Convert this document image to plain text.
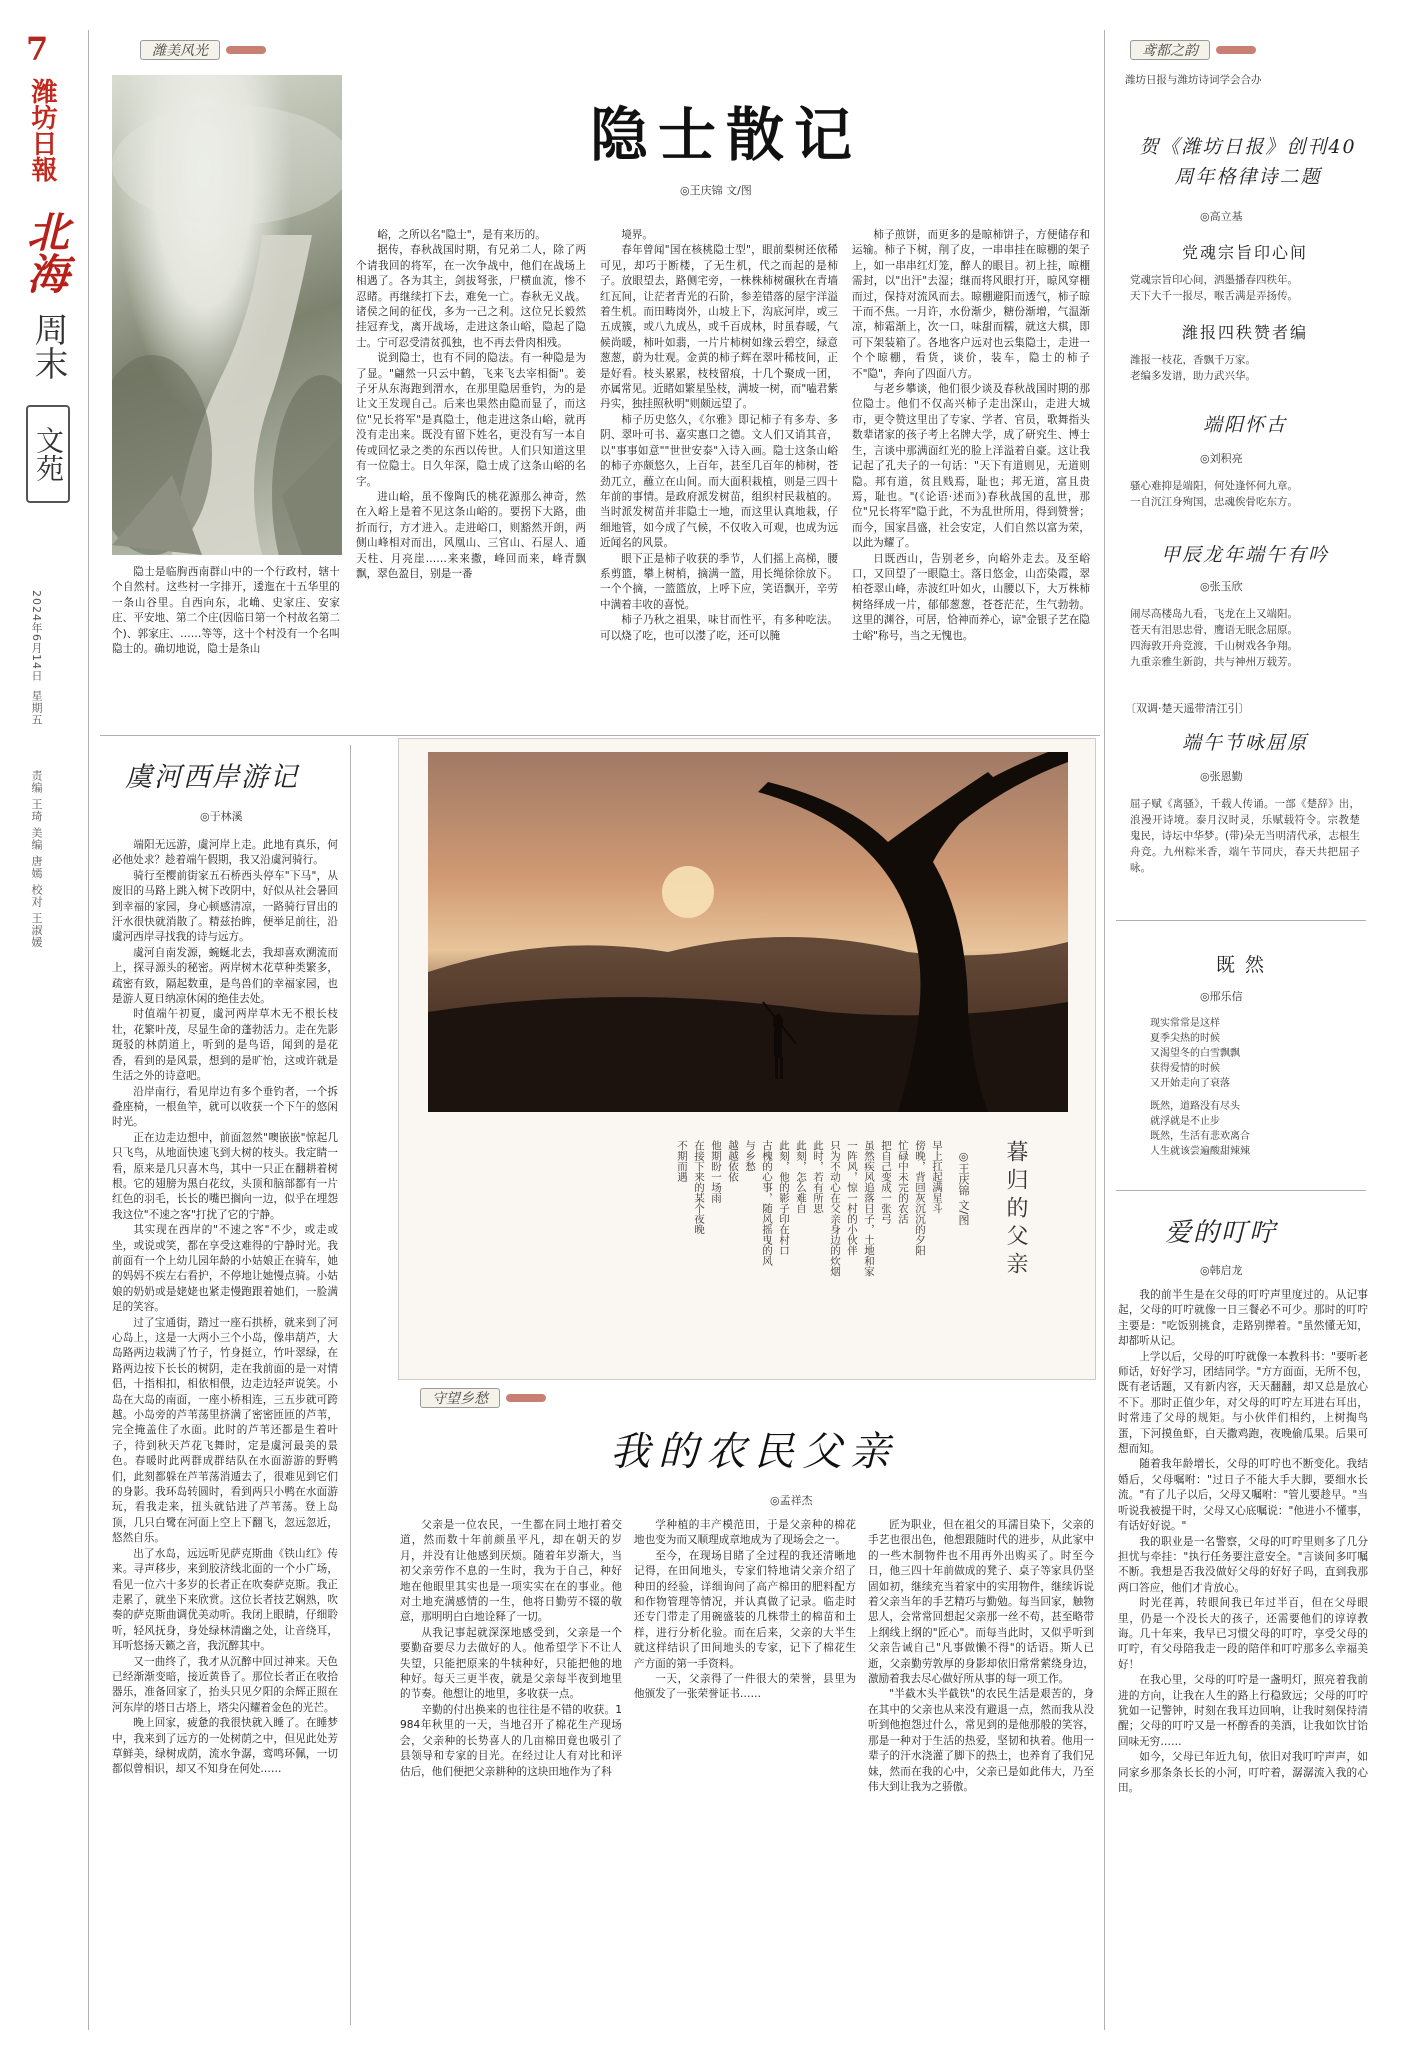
7
潍坊日報
北海
周末
文苑
2024年6月14日
星期五
责编 王琦 美编 唐嫣 校对 王淑媛
潍美风光
隐士散记
◎王庆锦 文/图

隐士是临朐西南群山中的一个行政村，辖十个自然村。这些村一字排开，逶迤在十五华里的一条山谷里。自西向东，北崅、史家庄、安家庄、平安地、第二个庄(因临日第一个村故名第二个)、郭家庄、……等等，这十个村没有一个名叫隐士的。确切地说，隐士是条山

峪，之所以名"隐士"，是有来历的。

据传，春秋战国时期，有兄弟二人，除了两个请我回的将军，在一次争战中，他们在战场上相遇了。各为其主，剑拔弩张，尸横血流，惨不忍睹。再继续打下去，难免一亡。春秋无义战。诸侯之间的征伐，多为一己之利。这位兄长毅然挂冠弃戈，离开战场，走进这条山峪，隐起了隐士。宁可忍受清贫孤独，也不再去骨肉相残。

说到隐士，也有不同的隐法。有一种隐是为了显。"翩然一只云中鹤，飞来飞去宰相衙"。姜子牙从东海跑到渭水，在那里隐居垂钓，为的是让文王发现自己。后来也果然由隐而显了，而这位"兄长将军"是真隐士，他走进这条山峪，就再没有走出来。既没有留下姓名，更没有写一本自传或回忆录之类的东西以传世。人们只知道这里有一位隐士。日久年深，隐士成了这条山峪的名字。

进山峪，虽不像陶氏的桃花源那么神奇，然在入峪上是着不见这条山峪的。要拐下大路，曲折而行，方才进入。走进峪口，则豁然开朗，两侧山峰相对而出，风凰山、三官山、石屋人、通天柱、月亮崖……来来撒，峰回而来，峰青飘飘，翠色盈目，别是一番

境界。

春年曾闻"国在核桃隐士型"，眼前梨树还依稀可见，却巧于断楼，了无生机，代之而起的是柿子。放眼望去，路侧宅旁，一株株柿树碾秋在青墙红瓦间，让茫者青光的石阶，参差错落的屋宇洋溢着生机。而田畴岗外，山坡上下，沟底河岸，或三五成簇，或八九成丛，或千百成林，时虽春暖，气候尚暖，柿叶如翡，一片片柿树如缘云碧空，绿意葱葱，蔚为壮观。金黄的柿子辉在翠叶稀枝间，正是好看。枝头累累，枝枝留痕，十几个聚成一团，亦属常见。近睹如繁星坠枝，满坡一树，而"嗑君紫丹实，独挂照秋明"则颇远望了。

柿子历史悠久，《尔雅》即记柿子有多寿、多阴、翠叶可书、嘉实惠口之德。文人们又诮其音，以"事事如意""世世安泰"入诗入画。隐士这条山峪的柿子亦颇悠久，上百年，甚至几百年的柿树，苍劲兀立，蘸立在山间。而大面积栽植，则是三四十年前的事情。是政府派发树苗，组织村民栽植的。当时派发树苗并非隐士一地，而这里认真地栽，仔细地管，如今成了气候，不仅收入可观，也成为远近闻名的风景。

眼下正是柿子收获的季节，人们摇上高梯，腰系剪篮，攀上树梢，摘满一篮，用长绳徐徐放下。一个个摘，一篮篮放，上呼下应，笑语飘开，辛劳中满着丰收的喜悦。

柿子乃秋之祖果，味甘而性平，有多种吃法。可以烧了吃，也可以漤了吃，还可以腌

柿子煎饼，而更多的是晾柿饼子，方便储存和运输。柿子下树，削了皮，一串串挂在晾棚的架子上，如一串串红灯笼，醉人的眼目。初上挂，晾棚需封，以"出汗"去湿；继而将风眼打开，晾风穿棚而过，保持对流风而去。晾棚避阳而透气，柿子晾干而不焦。一月许，水份渐少，糖份渐增，气温渐凉，柿霜渐上，次一口，味甜而糯，就这大棋，即可下架装箱了。各地客户远对也云集隐士，走进一个个晾棚，看货，谈价，装车，隐士的柿子不"隐"，奔向了四面八方。

与老乡攀谈，他们很少谈及春秋战国时期的那位隐士。他们不仅高兴柿子走出深山，走进大城市，更令赞这里出了专家、学者、官员，歌舞指头数辈诸家的孩子考上名牌大学，成了研究生、博士生，言谈中那满面红光的脸上洋溢着自豪。这让我记起了孔夫子的一句话："天下有道则见，无道则隐。邦有道，贫且贱焉，耻也；邦无道，富且贵焉，耻也。"(《论语·述而》)春秋战国的乱世，那位"兄长将军"隐于此，不为乱世所用，得到赞誉；而今，国家昌盛，社会安定，人们自然以富为荣，以此为耀了。

日既西山，告别老乡，向峪外走去。及至峪口，又回望了一眼隐士。落日悠金，山峦染霞，翠柏苍翠山峰，赤波红叶如火，山腰以下，大万株柿树络绎成一片，郁郁葱葱，苍苍茫茫，生气勃勃。这里的渊谷，可居，恰神而养心，谅"金银子艺在隐士峪"称号，当之无愧也。

虞河西岸游记
◎于林溪

端阳无远游，虞河岸上走。此地有真乐，何必他处求？趁着端午假期，我又沿虞河骑行。

骑行至樱前街家五石桥西头停车"下马"，从废旧的马路上跳入树下改阴中，好似从社会暑回到幸福的家园，身心顿感清凉，一路骑行冒出的汗水很快就消散了。精兹抬眸，便举足前往，沿虞河西岸寻找我的诗与远方。

虞河自南发源，蜿蜒北去，我却喜欢溯流而上，探寻源头的秘密。两岸树木花草种类繁多，疏密有致，隔起数重，是鸟兽们的幸福家园，也是游人夏日纳凉休闲的绝佳去处。

时值端午初夏，虞河两岸草木无不根长枝壮，花繁叶茂，尽显生命的蓬勃活力。走在先影斑驳的林荫道上，听到的是鸟语，闻到的是花香，看到的是风景，想到的是旷怡，这或许就是生活之外的诗意吧。

沿岸南行，看见岸边有多个垂钓者，一个拆叠座椅，一根鱼竿，就可以收获一个下午的悠闲时光。

正在边走边想中，前面忽然"噢嵌嵌"惊起几只飞鸟，从地面快速飞到大树的枝头。我定睛一看，原来是几只喜木鸟，其中一只正在翻耕着树根。它的翅膀为黑白花纹，头顶和脑部都有一片红色的羽毛，长长的嘴巴搁向一边，似乎在埋怨我这位"不速之客"打扰了它的宁静。

其实现在西岸的"不速之客"不少，或走或坐，或说或笑，都在享受这难得的宁静时光。我前面有一个上幼儿园年龄的小姑娘正在骑车，她的妈妈不疾左右看护，不停地让她慢点骑。小姑娘的奶奶或是姥姥也紧走慢跑跟着她们，一脸满足的笑容。

过了宝通街，踏过一座石拱桥，就来到了河心岛上，这是一大两小三个小岛，像串葫芦，大岛路两边栽满了竹子，竹身挺立，竹叶翠绿，在路两边按下长长的树阴，走在我前面的是一对情侣，十指相扣，相依相偎，边走边轻声说笑。小岛在大岛的南面，一座小桥相连，三五步就可跨越。小岛旁的芦苇荡里挤满了密密匝匝的芦苇，完全掩盖住了水面。此时的芦苇还都是生着叶子，待到秋天芦花飞舞时，定是虞河最美的景色。春暖时此两群成群结队在水面游游的野鸭们，此刻都躲在芦苇荡消遁去了，很难见到它们的身影。我环岛转圆时，看到两只小鸭在水面游玩，看我走来，扭头就钻进了芦苇荡。登上岛顶，几只白鹭在河面上空上下翻飞，忽远忽近，悠然自乐。

出了水岛，远远听见萨克斯曲《铁山红》传来。寻声移步，来到胶济线北面的一个小广场，看见一位六十多岁的长者正在吹奏萨克斯。我正走累了，就坐下来欣赏。这位长者技艺娴熟，吹奏的萨克斯曲调优美动听。我闭上眼睛，仔细聆听，轻风抚身，身处绿林清幽之处，让音绕耳，耳听悠扬天籁之音，我沉醉其中。

又一曲终了，我才从沉醉中回过神来。天色已经渐渐变暗，接近黄昏了。那位长者正在收拾器乐，准备回家了，抬头只见夕阳的余辉正照在河东岸的塔日古塔上，塔尖闪耀着金色的光芒。

晚上回家，疲惫的我很快就入睡了。在睡梦中，我来到了远方的一处树荫之中，但见此处芳草鲜美，绿树成荫，流水争潺，鸾鸣环佩，一切都似曾相识，却又不知身在何处……

暮归的父亲
◎王庆锦 文/图
早上扛起满星斗
傍晚，背回灰沉沉的夕阳
忙碌中未完的农活
把自己变成一张弓
虽然疾风追落日子，土地和家
一阵风，惊一村的小伙伴
只为不动心在父亲身边的炊烟
此时，若有所思
此刻，怎么难自
此刻，他的影子印在村口
古槐的心事，随风摇曳的风
与乡愁
越越依依
他期盼一场雨
在接下来的某个夜晚
不期而遇
守望乡愁
我的农民父亲
◎孟祥杰

父亲是一位农民，一生都在同土地打着交道，然而数十年前颜虽平凡，却在朝天的岁月，并没有让他感到厌烦。随着年岁渐大，当初父亲劳作不息的一生时，我为于自己，种好地在他眼里其实也是一项实实在在的事业。他对土地充满感情的一生，他将日勤劳不辍的敬意，那明明白白地诠释了一切。

从我记事起就深深地感受到，父亲是一个要勤奋要尽力去做好的人。他希望学下不让人失望，只能把原来的牛犊种好，只能把他的地种好。每天三更半夜，就是父亲每半夜到地里的节奏。他想让的地里，多收获一点。

辛勤的付出换来的也往往是不错的收获。1984年秋里的一天，当地召开了棉花生产现场会，父亲种的长势喜人的几亩棉田竟也吸引了县领导和专家的目光。在经过让人有对比和评估后，他们便把父亲耕种的这块田地作为了科

学种植的丰产模范田，于是父亲种的棉花地也变为而又顺理成章地成为了现场会之一。

至今，在现场目睹了全过程的我还清晰地记得，在田间地头，专家们特地请父亲介绍了种田的经验，详细询问了高产棉田的肥料配方和作物管理等情况，并认真做了记录。临走时还专门带走了用碗盛装的几株带土的棉苗和土样，进行分析化验。而在后来，父亲的大半生就这样结识了田间地头的专家，记下了棉花生产方面的第一手资料。

一天，父亲得了一件很大的荣誉，县里为他颁发了一张荣誉证书……

匠为职业，但在祖父的耳濡目染下，父亲的手艺也很出色，他想跟随时代的进步，从此家中的一些木制物件也不用再外出购买了。时至今日，他三四十年前做成的凳子、桌子等家具仍坚固如初，继续充当着家中的实用物件，继续诉说着父亲当年的手艺精巧与勤勉。每当回家，触物思人，会常常回想起父亲那一丝不苟，甚至略带上纲线上纲的"匠心"。而每当此时，又似乎听到父亲告诫自己"凡事做懒不得"的话语。斯人已逝，父亲勤劳敦厚的身影却依旧常常萦绕身边，激励着我去尽心做好所从事的每一项工作。

"半截木头半截铁"的农民生活是艰苦的，身在其中的父亲也从来没有避退一点，然而我从没听到他抱怨过什么，常见到的是他那般的笑容，那是一种对于生活的热爱，坚韧和执着。他用一辈子的汗水浇灌了脚下的热土，也养育了我们兄妹，然而在我的心中，父亲已是如此伟大，乃至伟大到让我为之骄傲。

鸢都之韵
潍坊日报与潍坊诗词学会合办
贺《潍坊日报》创刊40周年格律诗二题
◎高立基
党魂宗旨印心间
党魂宗旨印心间，洒墨播春四秩年。
天下大千一报尽，喉舌满是弄扬传。
潍报四秩赞者编
潍报一枝花，香飘千万家。
老编多发谱，助力武兴华。
端阳怀古
◎刘积亮
骚心难抑是端阳，何处逢怀何九章。
一自沉江身殉国，忠魂俟骨吃东方。
甲辰龙年端午有吟
◎张玉欣
闹尽高楼岛九看，飞龙在上又端阳。
苍天有泪思忠骨，鹰语无眠念屈原。
四海敦开舟竞渡，千山树戏各争翔。
九重亲雅生新韵，共与神州万载芳。
〔双调·楚天遥带清江引〕
端午节咏屈原
◎张恩勤
屈子赋《离骚》，千载人传诵。一部《楚辞》出，浪漫开诗境。泰月汉时灵，乐赋载符令。宗教楚鬼民，诗坛中华梦。(带)朵无当明清代承，志根生舟竞。九州粽米香，端午节同庆，春天共把屈子咏。
既然
◎邢乐信
现实常常是这样
夏季尖热的时候
又渴望冬的白雪飘飘
获得爱情的时候
又开始走向了衰落
既然，道路没有尽头
就浮就是不止步
既然，生活有悲欢离合
人生就该尝遍酸甜辣辣
爱的叮咛
◎韩启龙

我的前半生是在父母的叮咛声里度过的。从记事起，父母的叮咛就像一日三餐必不可少。那时的叮咛主要是："吃饭别挑食，走路别撵着。"虽然懂无知，却都听从记。

上学以后，父母的叮咛就像一本教科书："要听老师话，好好学习，团结同学。"方方面面，无所不包，既有老话题，又有新内容，天天翻翻，却又总是放心不下。那时正值少年，对父母的叮咛左耳进右耳出，时常违了父母的规矩。与小伙伴们相约，上树掏鸟蛋，下河摸鱼虾，白天撒鸡跑，夜晚偷瓜果。后果可想而知。

随着我年龄增长，父母的叮咛也不断变化。我结婚后，父母嘱咐："过日子不能大手大脚，要细水长流。"有了儿子以后，父母又嘱咐："管儿要趁早。"当听说我被提干时，父母又心底嘱说："他进小不懂事，有话好好说。"

我的职业是一名警察，父母的叮咛里则多了几分担忧与牵挂："执行任务要注意安全。"言谈间多叮嘱不断。我想是否我没做好父母的好好子吗，直到我那两口答应，他们才肯放心。

时光荏苒，转眼间我已年过半百，但在父母眼里，仍是一个没长大的孩子，还需要他们的谆谆教诲。几十年来，我早已习惯父母的叮咛，享受父母的叮咛，有父母陪我走一段的陪伴和叮咛那多么幸福美好！

在我心里，父母的叮咛是一盏明灯，照亮着我前进的方向，让我在人生的路上行稳致远；父母的叮咛犹如一记警钟，时刻在我耳边回响，让我时刻保持清醒；父母的叮咛又是一杯醇香的美酒，让我如饮甘饴回味无穷……

如今，父母已年近九旬，依旧对我叮咛声声，如同家乡那条条长长的小河，叮咛着，潺潺流入我的心田。
